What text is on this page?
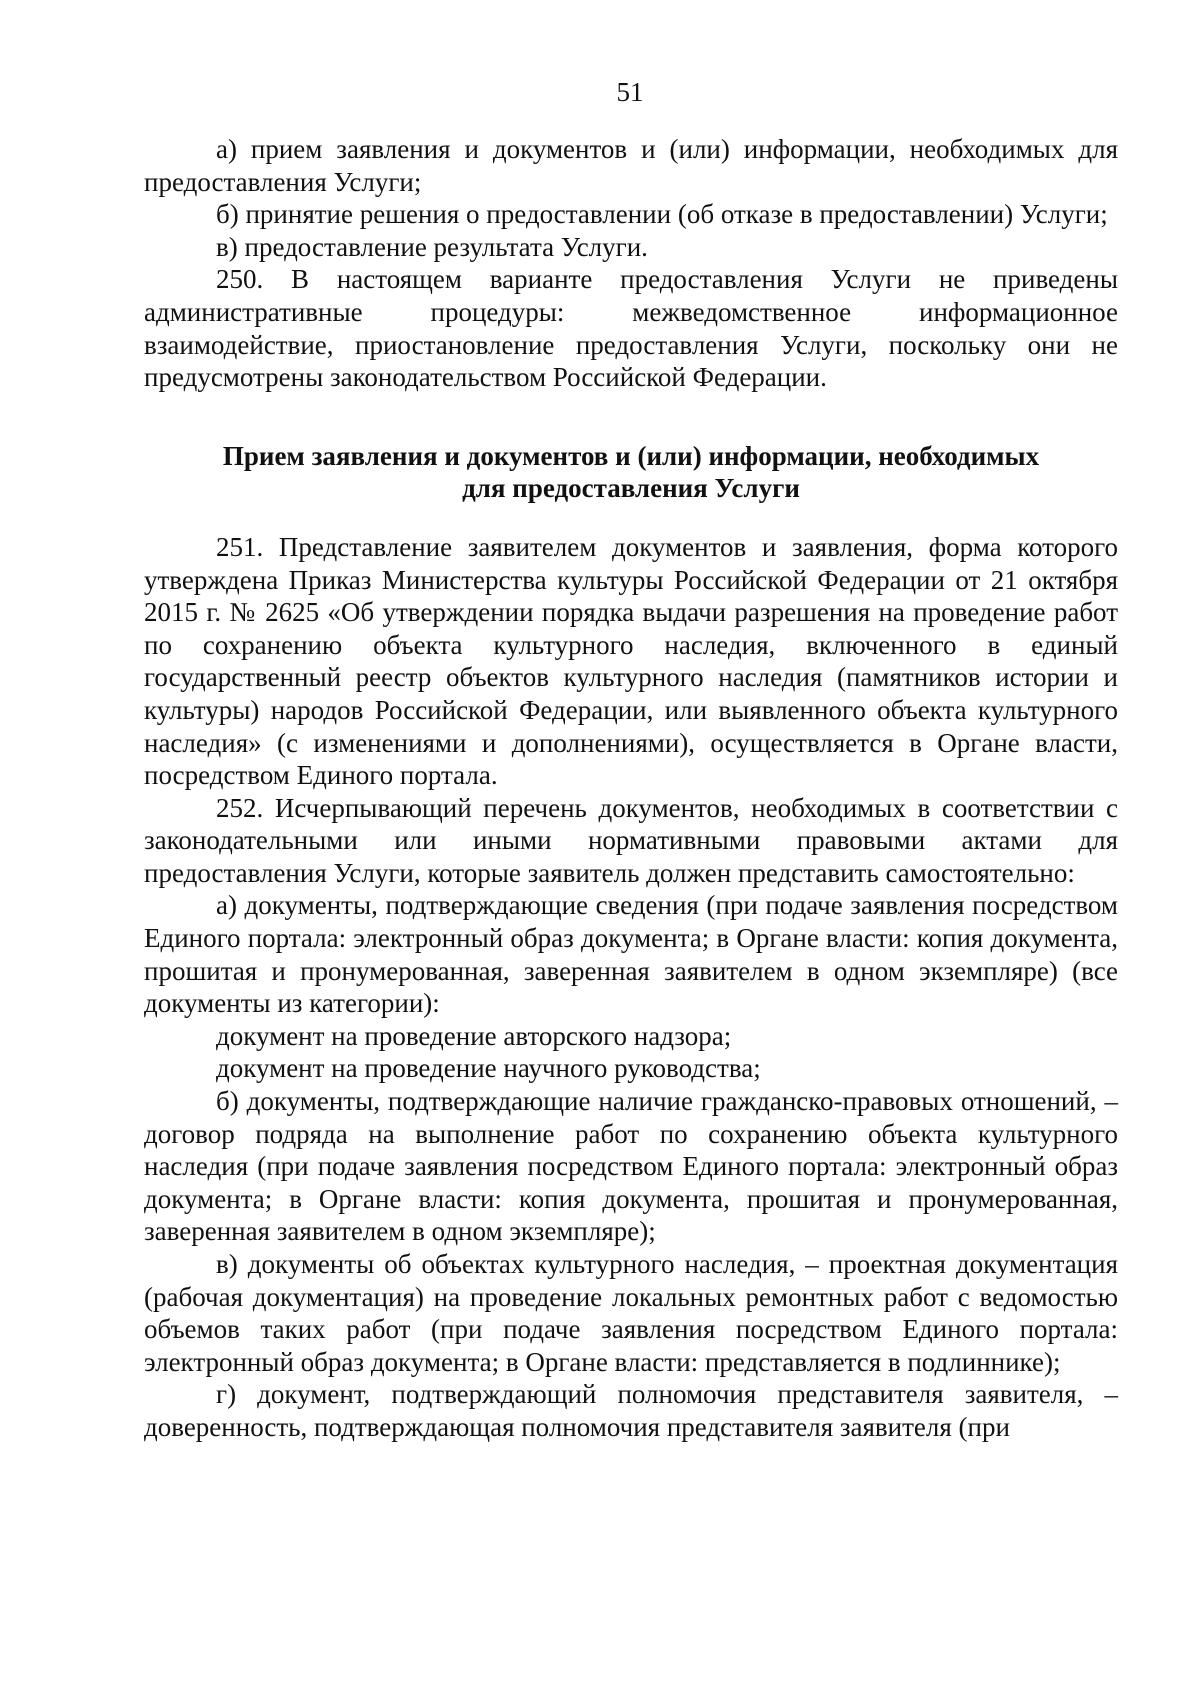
51

а) прием заявления и документов и (или) информации, необходимых для предоставления Услуги;

б) принятие решения о предоставлении (об отказе в предоставлении) Услуги;

в) предоставление результата Услуги.

250. В настоящем варианте предоставления Услуги не приведены административные процедуры: межведомственное информационное взаимодействие, приостановление предоставления Услуги, поскольку они не предусмотрены законодательством Российской Федерации.

Прием заявления и документов и (или) информации, необходимых
для предоставления Услуги

251. Представление заявителем документов и заявления, форма которого утверждена Приказ Министерства культуры Российской Федерации от 21 октября 2015 г. № 2625 «Об утверждении порядка выдачи разрешения на проведение работ по сохранению объекта культурного наследия, включенного в единый государственный реестр объектов культурного наследия (памятников истории и культуры) народов Российской Федерации, или выявленного объекта культурного наследия» (с изменениями и дополнениями), осуществляется в Органе власти, посредством Единого портала.

252. Исчерпывающий перечень документов, необходимых в соответствии с законодательными или иными нормативными правовыми актами для предоставления Услуги, которые заявитель должен представить самостоятельно:

а) документы, подтверждающие сведения (при подаче заявления посредством Единого портала: электронный образ документа; в Органе власти: копия документа, прошитая и пронумерованная, заверенная заявителем в одном экземпляре) (все документы из категории):

документ на проведение авторского надзора;

документ на проведение научного руководства;

б) документы, подтверждающие наличие гражданско-правовых отношений, – договор подряда на выполнение работ по сохранению объекта культурного наследия (при подаче заявления посредством Единого портала: электронный образ документа; в Органе власти: копия документа, прошитая и пронумерованная, заверенная заявителем в одном экземпляре);

в) документы об объектах культурного наследия, – проектная документация (рабочая документация) на проведение локальных ремонтных работ с ведомостью объемов таких работ (при подаче заявления посредством Единого портала: электронный образ документа; в Органе власти: представляется в подлиннике);

г) документ, подтверждающий полномочия представителя заявителя, – доверенность, подтверждающая полномочия представителя заявителя (при
